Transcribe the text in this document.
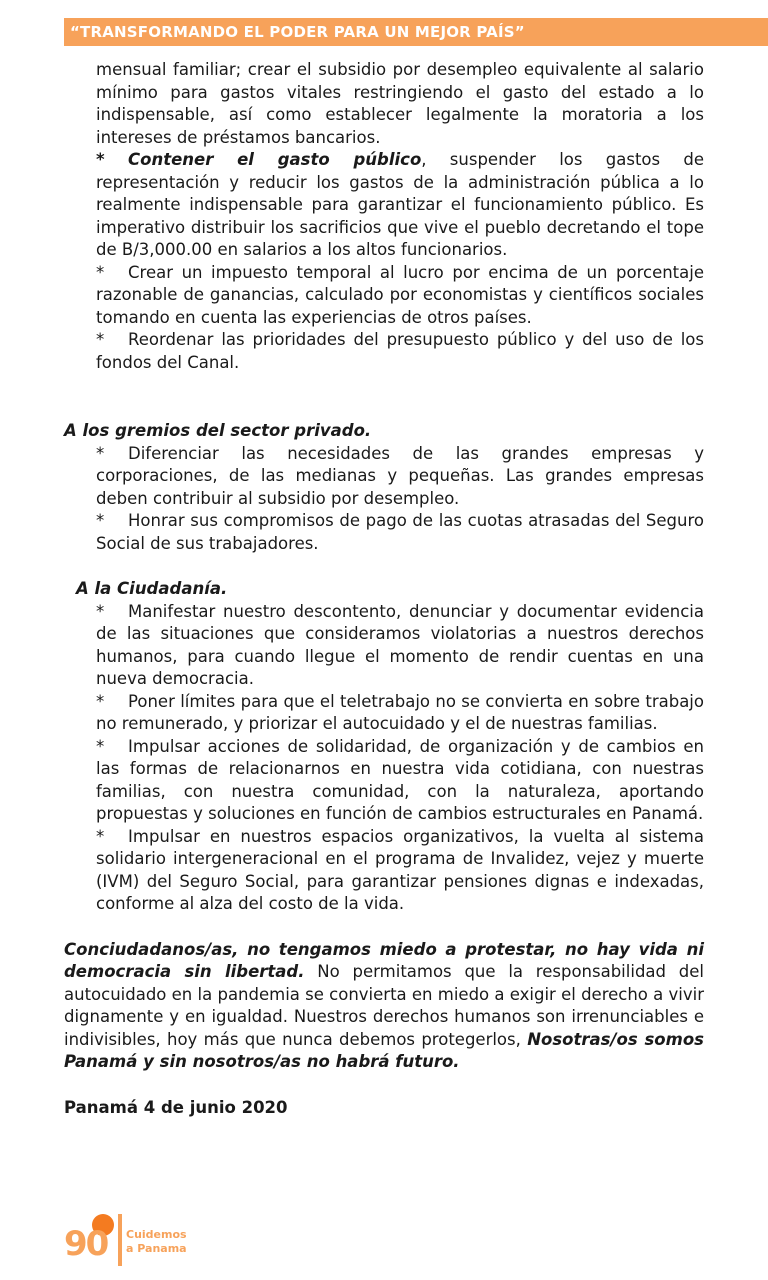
“TRANSFORMANDO EL PODER PARA UN MEJOR PAÍS”

mensual familiar; crear el subsidio por desempleo equivalente al salario mínimo para gastos vitales restringiendo el gasto del estado a lo indispensable, así como establecer legalmente la moratoria a los intereses de préstamos bancarios.

* Contener el gasto público, suspender los gastos de representación y reducir los gastos de la administración pública a lo realmente indispensable para garantizar el funcionamiento público. Es imperativo distribuir los sacrificios que vive el pueblo decretando el tope de B/3,000.00 en salarios a los altos funcionarios.

* Crear un impuesto temporal al lucro por encima de un porcentaje razonable de ganancias, calculado por economistas y científicos sociales tomando en cuenta las experiencias de otros países.

* Reordenar las prioridades del presupuesto público y del uso de los fondos del Canal.

A los gremios del sector privado.

* Diferenciar las necesidades de las grandes empresas y corporaciones, de las medianas y pequeñas. Las grandes empresas deben contribuir al subsidio por desempleo.

* Honrar sus compromisos de pago de las cuotas atrasadas del Seguro Social de sus trabajadores.

A la Ciudadanía.

* Manifestar nuestro descontento, denunciar y documentar evidencia de las situaciones que consideramos violatorias a nuestros derechos humanos, para cuando llegue el momento de rendir cuentas en una nueva democracia.

* Poner límites para que el teletrabajo no se convierta en sobre trabajo no remunerado, y priorizar el autocuidado y el de nuestras familias.

* Impulsar acciones de solidaridad, de organización y de cambios en las formas de relacionarnos en nuestra vida cotidiana, con nuestras familias, con nuestra comunidad, con la naturaleza, aportando propuestas y soluciones en función de cambios estructurales en Panamá.

* Impulsar en nuestros espacios organizativos, la vuelta al sistema solidario intergeneracional en el programa de Invalidez, vejez y muerte (IVM) del Seguro Social, para garantizar pensiones dignas e indexadas, conforme al alza del costo de la vida.

Conciudadanos/as, no tengamos miedo a protestar, no hay vida ni democracia sin libertad. No permitamos que la responsabilidad del autocuidado en la pandemia se convierta en miedo a exigir el derecho a vivir dignamente y en igualdad. Nuestros derechos humanos son irrenunciables e indivisibles, hoy más que nunca debemos protegerlos, Nosotras/os somos Panamá y sin nosotros/as no habrá futuro.

Panamá 4 de junio 2020

90 Cuidemos
a Panama
